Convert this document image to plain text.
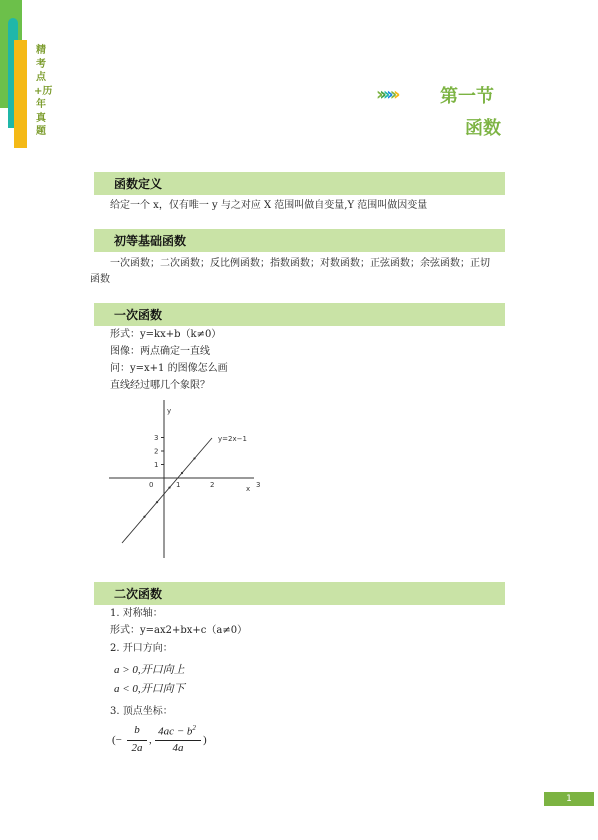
精考点+历年真题
›››››› 第一节
函数
函数定义
给定一个 x，仅有唯一 y 与之对应 X 范围叫做自变量,Y 范围叫做因变量
初等基础函数
一次函数；二次函数；反比例函数；指数函数；对数函数；正弦函数；余弦函数；正切
函数
一次函数
形式：y=kx+b（k≠0）
图像：两点确定一直线
问：y=x+1 的图像怎么画
直线经过哪几个象限？
y
x
1
2
3
0	1	2	3
y=2x−1
二次函数
1. 对称轴：
形式：y=ax2+bx+c（a≠0）
2. 开口方向：
a > 0,开口向上
a < 0,开口向下
3. 顶点坐标：
(−
b
2a
,
$4ac - b^2$
4a
)
1
